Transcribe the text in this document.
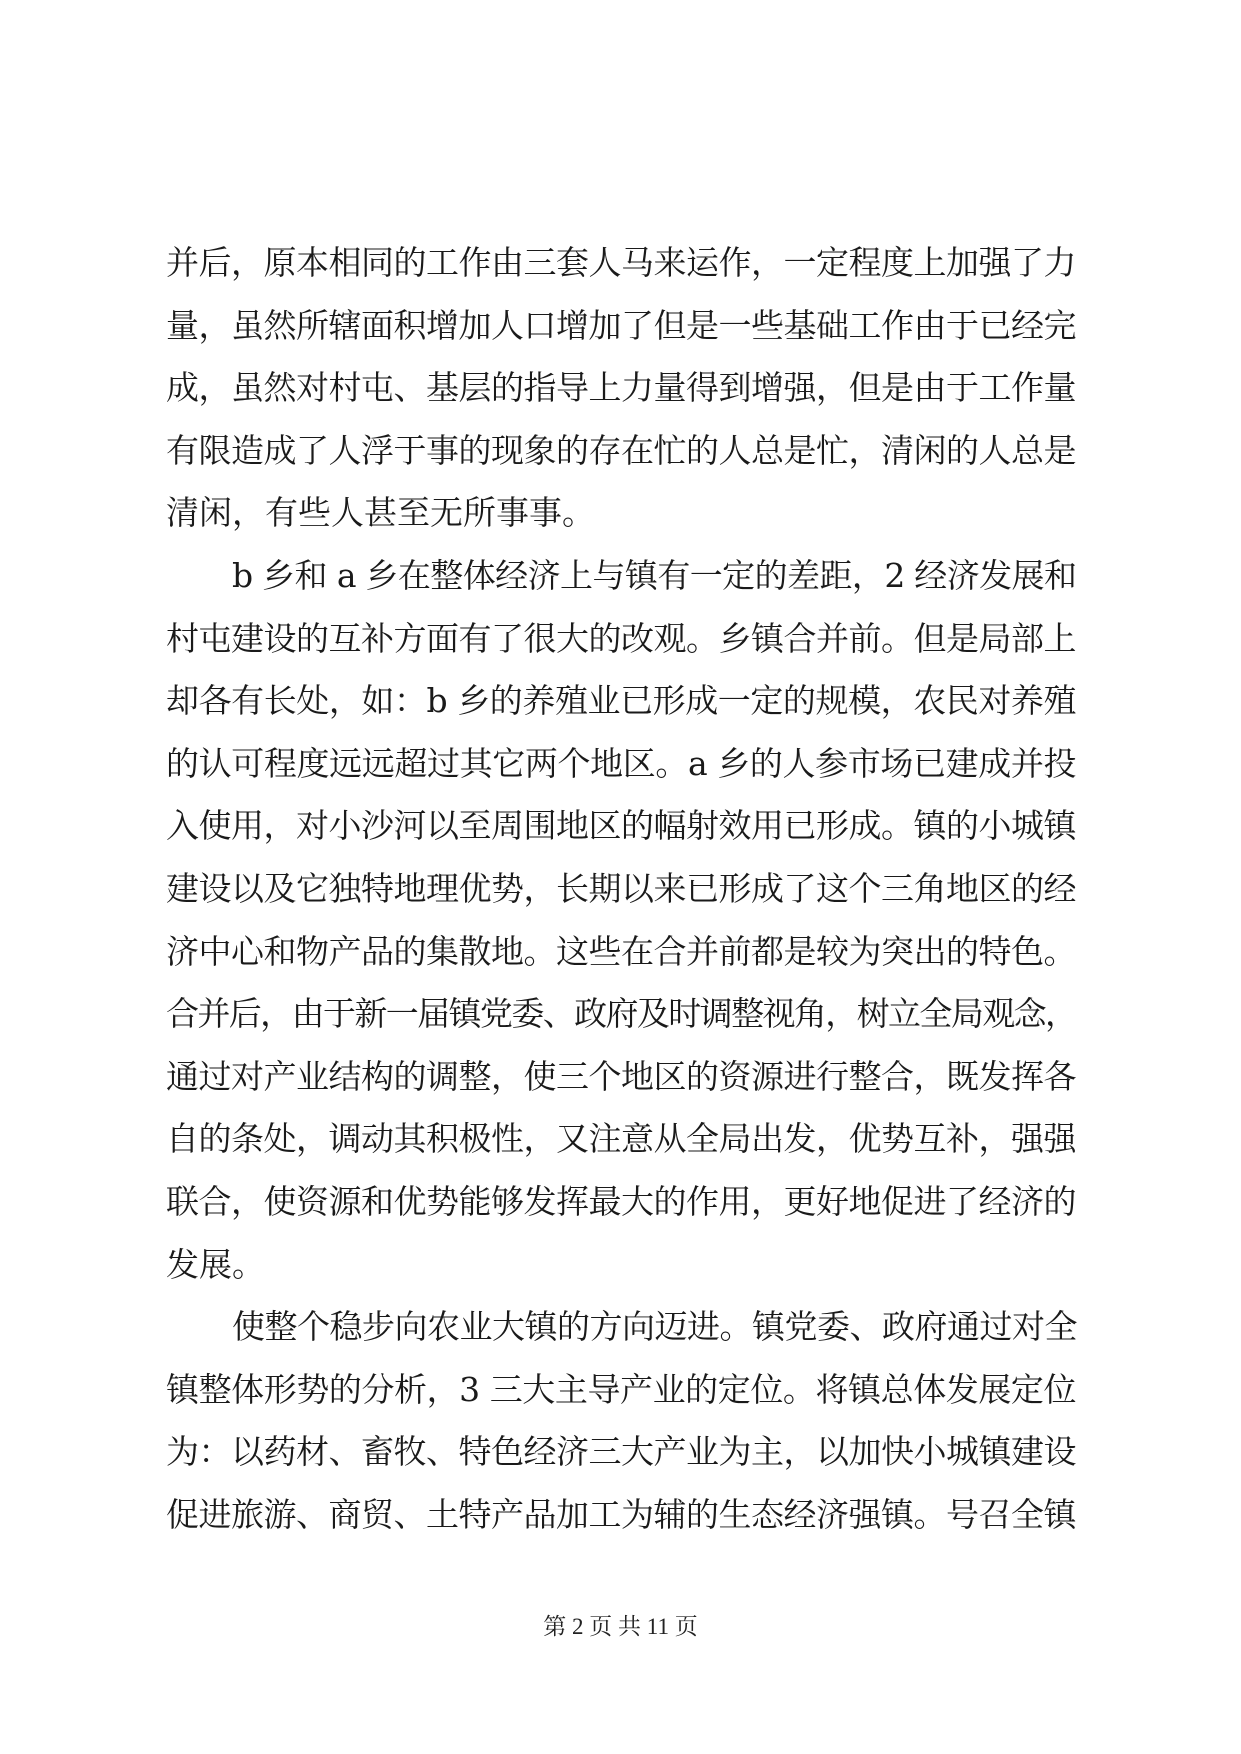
并后，原本相同的工作由三套人马来运作，一定程度上加强了力
量，虽然所辖面积增加人口增加了但是一些基础工作由于已经完
成，虽然对村屯、基层的指导上力量得到增强，但是由于工作量
有限造成了人浮于事的现象的存在忙的人总是忙，清闲的人总是
清闲，有些人甚至无所事事。
b 乡和 a 乡在整体经济上与镇有一定的差距，2 经济发展和
村屯建设的互补方面有了很大的改观。乡镇合并前。但是局部上
却各有长处，如：b 乡的养殖业已形成一定的规模，农民对养殖
的认可程度远远超过其它两个地区。a 乡的人参市场已建成并投
入使用，对小沙河以至周围地区的幅射效用已形成。镇的小城镇
建设以及它独特地理优势，长期以来已形成了这个三角地区的经
济中心和物产品的集散地。这些在合并前都是较为突出的特色。
合并后，由于新一届镇党委、政府及时调整视角，树立全局观念，
通过对产业结构的调整，使三个地区的资源进行整合，既发挥各
自的条处，调动其积极性，又注意从全局出发，优势互补，强强
联合，使资源和优势能够发挥最大的作用，更好地促进了经济的
发展。
使整个稳步向农业大镇的方向迈进。镇党委、政府通过对全
镇整体形势的分析，3 三大主导产业的定位。将镇总体发展定位
为：以药材、畜牧、特色经济三大产业为主，以加快小城镇建设
促进旅游、商贸、土特产品加工为辅的生态经济强镇。号召全镇
第 2 页 共 11 页
